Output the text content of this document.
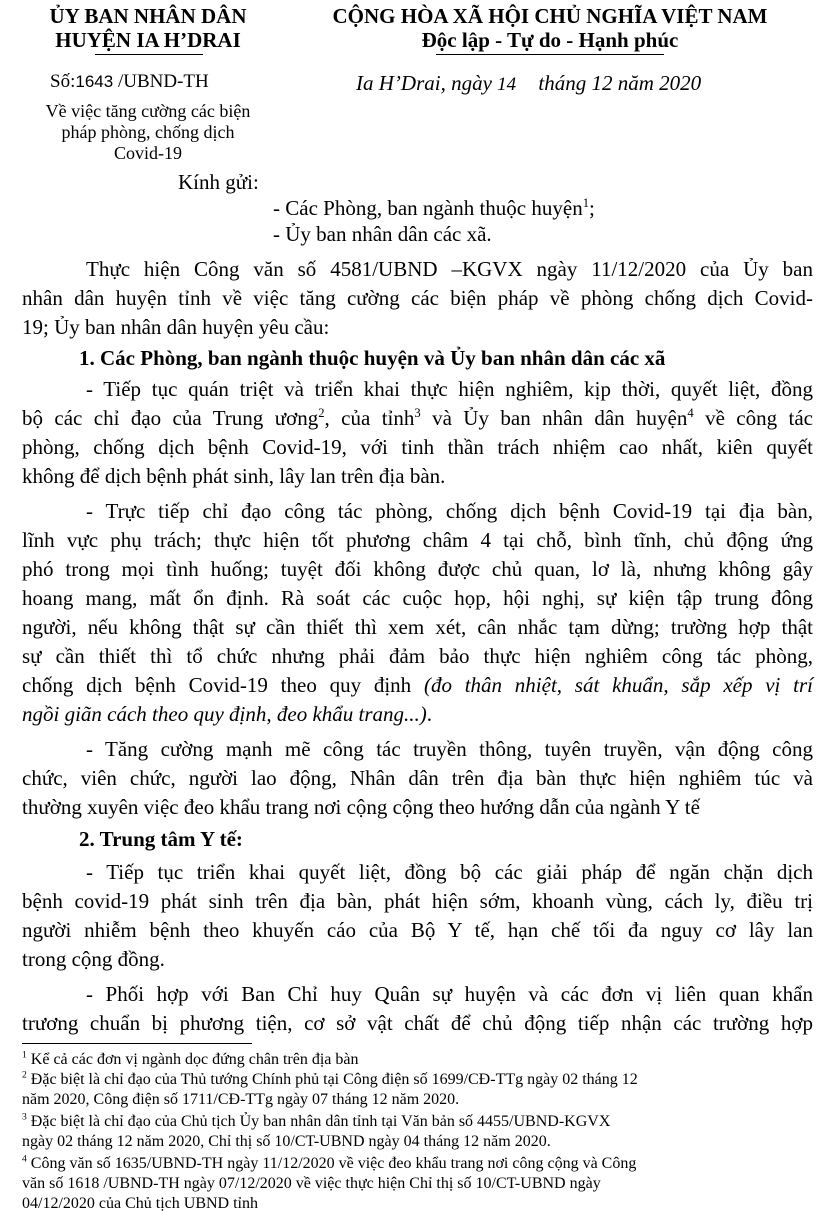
ỦY BAN NHÂN DÂN
HUYỆN IA H’DRAI
CỘNG HÒA XÃ HỘI CHỦ NGHĨA VIỆT NAM
Độc lập - Tự do - Hạnh phúc
Số:1643 /UBND-TH	Ia H’Drai, ngày 14 tháng 12 năm 2020
Về việc tăng cường các biện
pháp phòng, chống dịch
Covid-19
Kính gửi:
- Các Phòng, ban ngành thuộc huyện$^1$;
- Ủy ban nhân dân các xã.
Thực hiện Công văn số 4581/UBND –KGVX ngày 11/12/2020 của Ủy ban
nhân dân huyện tỉnh về việc tăng cường các biện pháp về phòng chống dịch Covid-
19; Ủy ban nhân dân huyện yêu cầu:
1. Các Phòng, ban ngành thuộc huyện và Ủy ban nhân dân các xã
- Tiếp tục quán triệt và triển khai thực hiện nghiêm, kịp thời, quyết liệt, đồng
bộ các chỉ đạo của Trung ương$^2$, của tỉnh$^3$ và Ủy ban nhân dân huyện$^4$ về công tác
phòng, chống dịch bệnh Covid-19, với tinh thần trách nhiệm cao nhất, kiên quyết
không để dịch bệnh phát sinh, lây lan trên địa bàn.
- Trực tiếp chỉ đạo công tác phòng, chống dịch bệnh Covid-19 tại địa bàn,
lĩnh vực phụ trách; thực hiện tốt phương châm 4 tại chỗ, bình tĩnh, chủ động ứng
phó trong mọi tình huống; tuyệt đối không được chủ quan, lơ là, nhưng không gây
hoang mang, mất ổn định. Rà soát các cuộc họp, hội nghị, sự kiện tập trung đông
người, nếu không thật sự cần thiết thì xem xét, cân nhắc tạm dừng; trường hợp thật
sự cần thiết thì tổ chức nhưng phải đảm bảo thực hiện nghiêm công tác phòng,
chống dịch bệnh Covid-19 theo quy định (đo thân nhiệt, sát khuẩn, sắp xếp vị trí
ngồi giãn cách theo quy định, đeo khẩu trang...).
- Tăng cường mạnh mẽ công tác truyền thông, tuyên truyền, vận động công
chức, viên chức, người lao động, Nhân dân trên địa bàn thực hiện nghiêm túc và
thường xuyên việc đeo khẩu trang nơi cộng cộng theo hướng dẫn của ngành Y tế
2. Trung tâm Y tế:
- Tiếp tục triển khai quyết liệt, đồng bộ các giải pháp để ngăn chặn dịch
bệnh covid-19 phát sinh trên địa bàn, phát hiện sớm, khoanh vùng, cách ly, điều trị
người nhiễm bệnh theo khuyến cáo của Bộ Y tế, hạn chế tối đa nguy cơ lây lan
trong cộng đồng.
- Phối hợp với Ban Chỉ huy Quân sự huyện và các đơn vị liên quan khẩn
trương chuẩn bị phương tiện, cơ sở vật chất để chủ động tiếp nhận các trường hợp
$^1$ Kể cả các đơn vị ngành dọc đứng chân trên địa bàn
$^2$ Đặc biệt là chỉ đạo của Thủ tướng Chính phủ tại Công điện số 1699/CĐ-TTg ngày 02 tháng 12
năm 2020, Công điện số 1711/CĐ-TTg ngày 07 tháng 12 năm 2020.
$^3$ Đặc biệt là chỉ đạo của Chủ tịch Ủy ban nhân dân tỉnh tại Văn bản số 4455/UBND-KGVX
ngày 02 tháng 12 năm 2020, Chỉ thị số 10/CT-UBND ngày 04 tháng 12 năm 2020.
$^4$ Công văn số 1635/UBND-TH ngày 11/12/2020 về việc đeo khẩu trang nơi công cộng và Công
văn số 1618 /UBND-TH ngày 07/12/2020 về việc thực hiện Chỉ thị số 10/CT-UBND ngày
04/12/2020 của Chủ tịch UBND tỉnh
